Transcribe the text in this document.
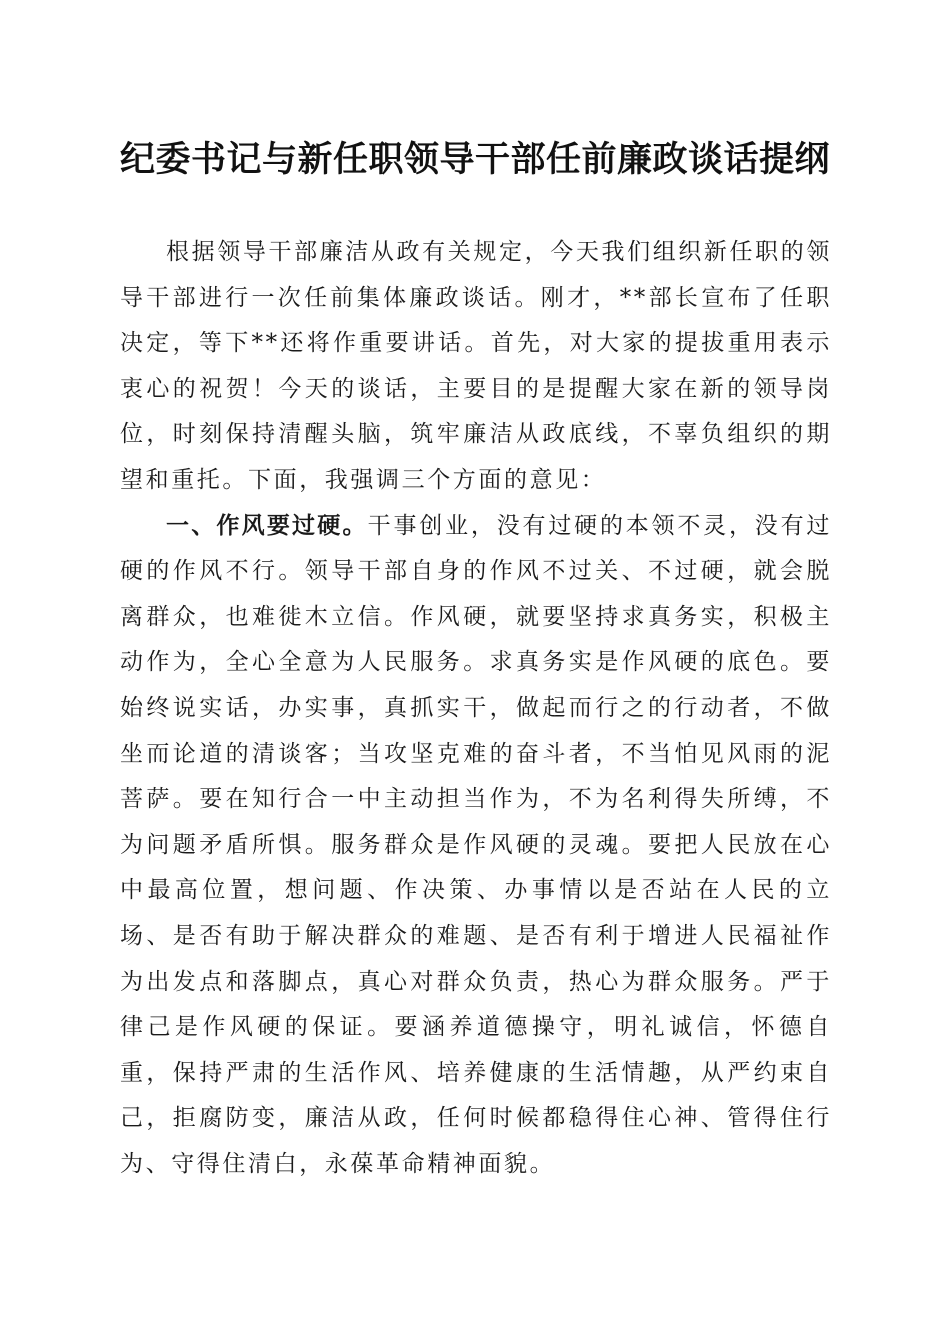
纪委书记与新任职领导干部任前廉政谈话提纲

根据领导干部廉洁从政有关规定，今天我们组织新任职的领导干部进行一次任前集体廉政谈话。刚才，**部长宣布了任职决定，等下**还将作重要讲话。首先，对大家的提拔重用表示衷心的祝贺！今天的谈话，主要目的是提醒大家在新的领导岗位，时刻保持清醒头脑，筑牢廉洁从政底线，不辜负组织的期望和重托。下面，我强调三个方面的意见：

一、作风要过硬。干事创业，没有过硬的本领不灵，没有过硬的作风不行。领导干部自身的作风不过关、不过硬，就会脱离群众，也难徙木立信。作风硬，就要坚持求真务实，积极主动作为，全心全意为人民服务。求真务实是作风硬的底色。要始终说实话，办实事，真抓实干，做起而行之的行动者，不做坐而论道的清谈客；当攻坚克难的奋斗者，不当怕见风雨的泥菩萨。要在知行合一中主动担当作为，不为名利得失所缚，不为问题矛盾所惧。服务群众是作风硬的灵魂。要把人民放在心中最高位置，想问题、作决策、办事情以是否站在人民的立场、是否有助于解决群众的难题、是否有利于增进人民福祉作为出发点和落脚点，真心对群众负责，热心为群众服务。严于律己是作风硬的保证。要涵养道德操守，明礼诚信，怀德自重，保持严肃的生活作风、培养健康的生活情趣，从严约束自己，拒腐防变，廉洁从政，任何时候都稳得住心神、管得住行为、守得住清白，永葆革命精神面貌。
